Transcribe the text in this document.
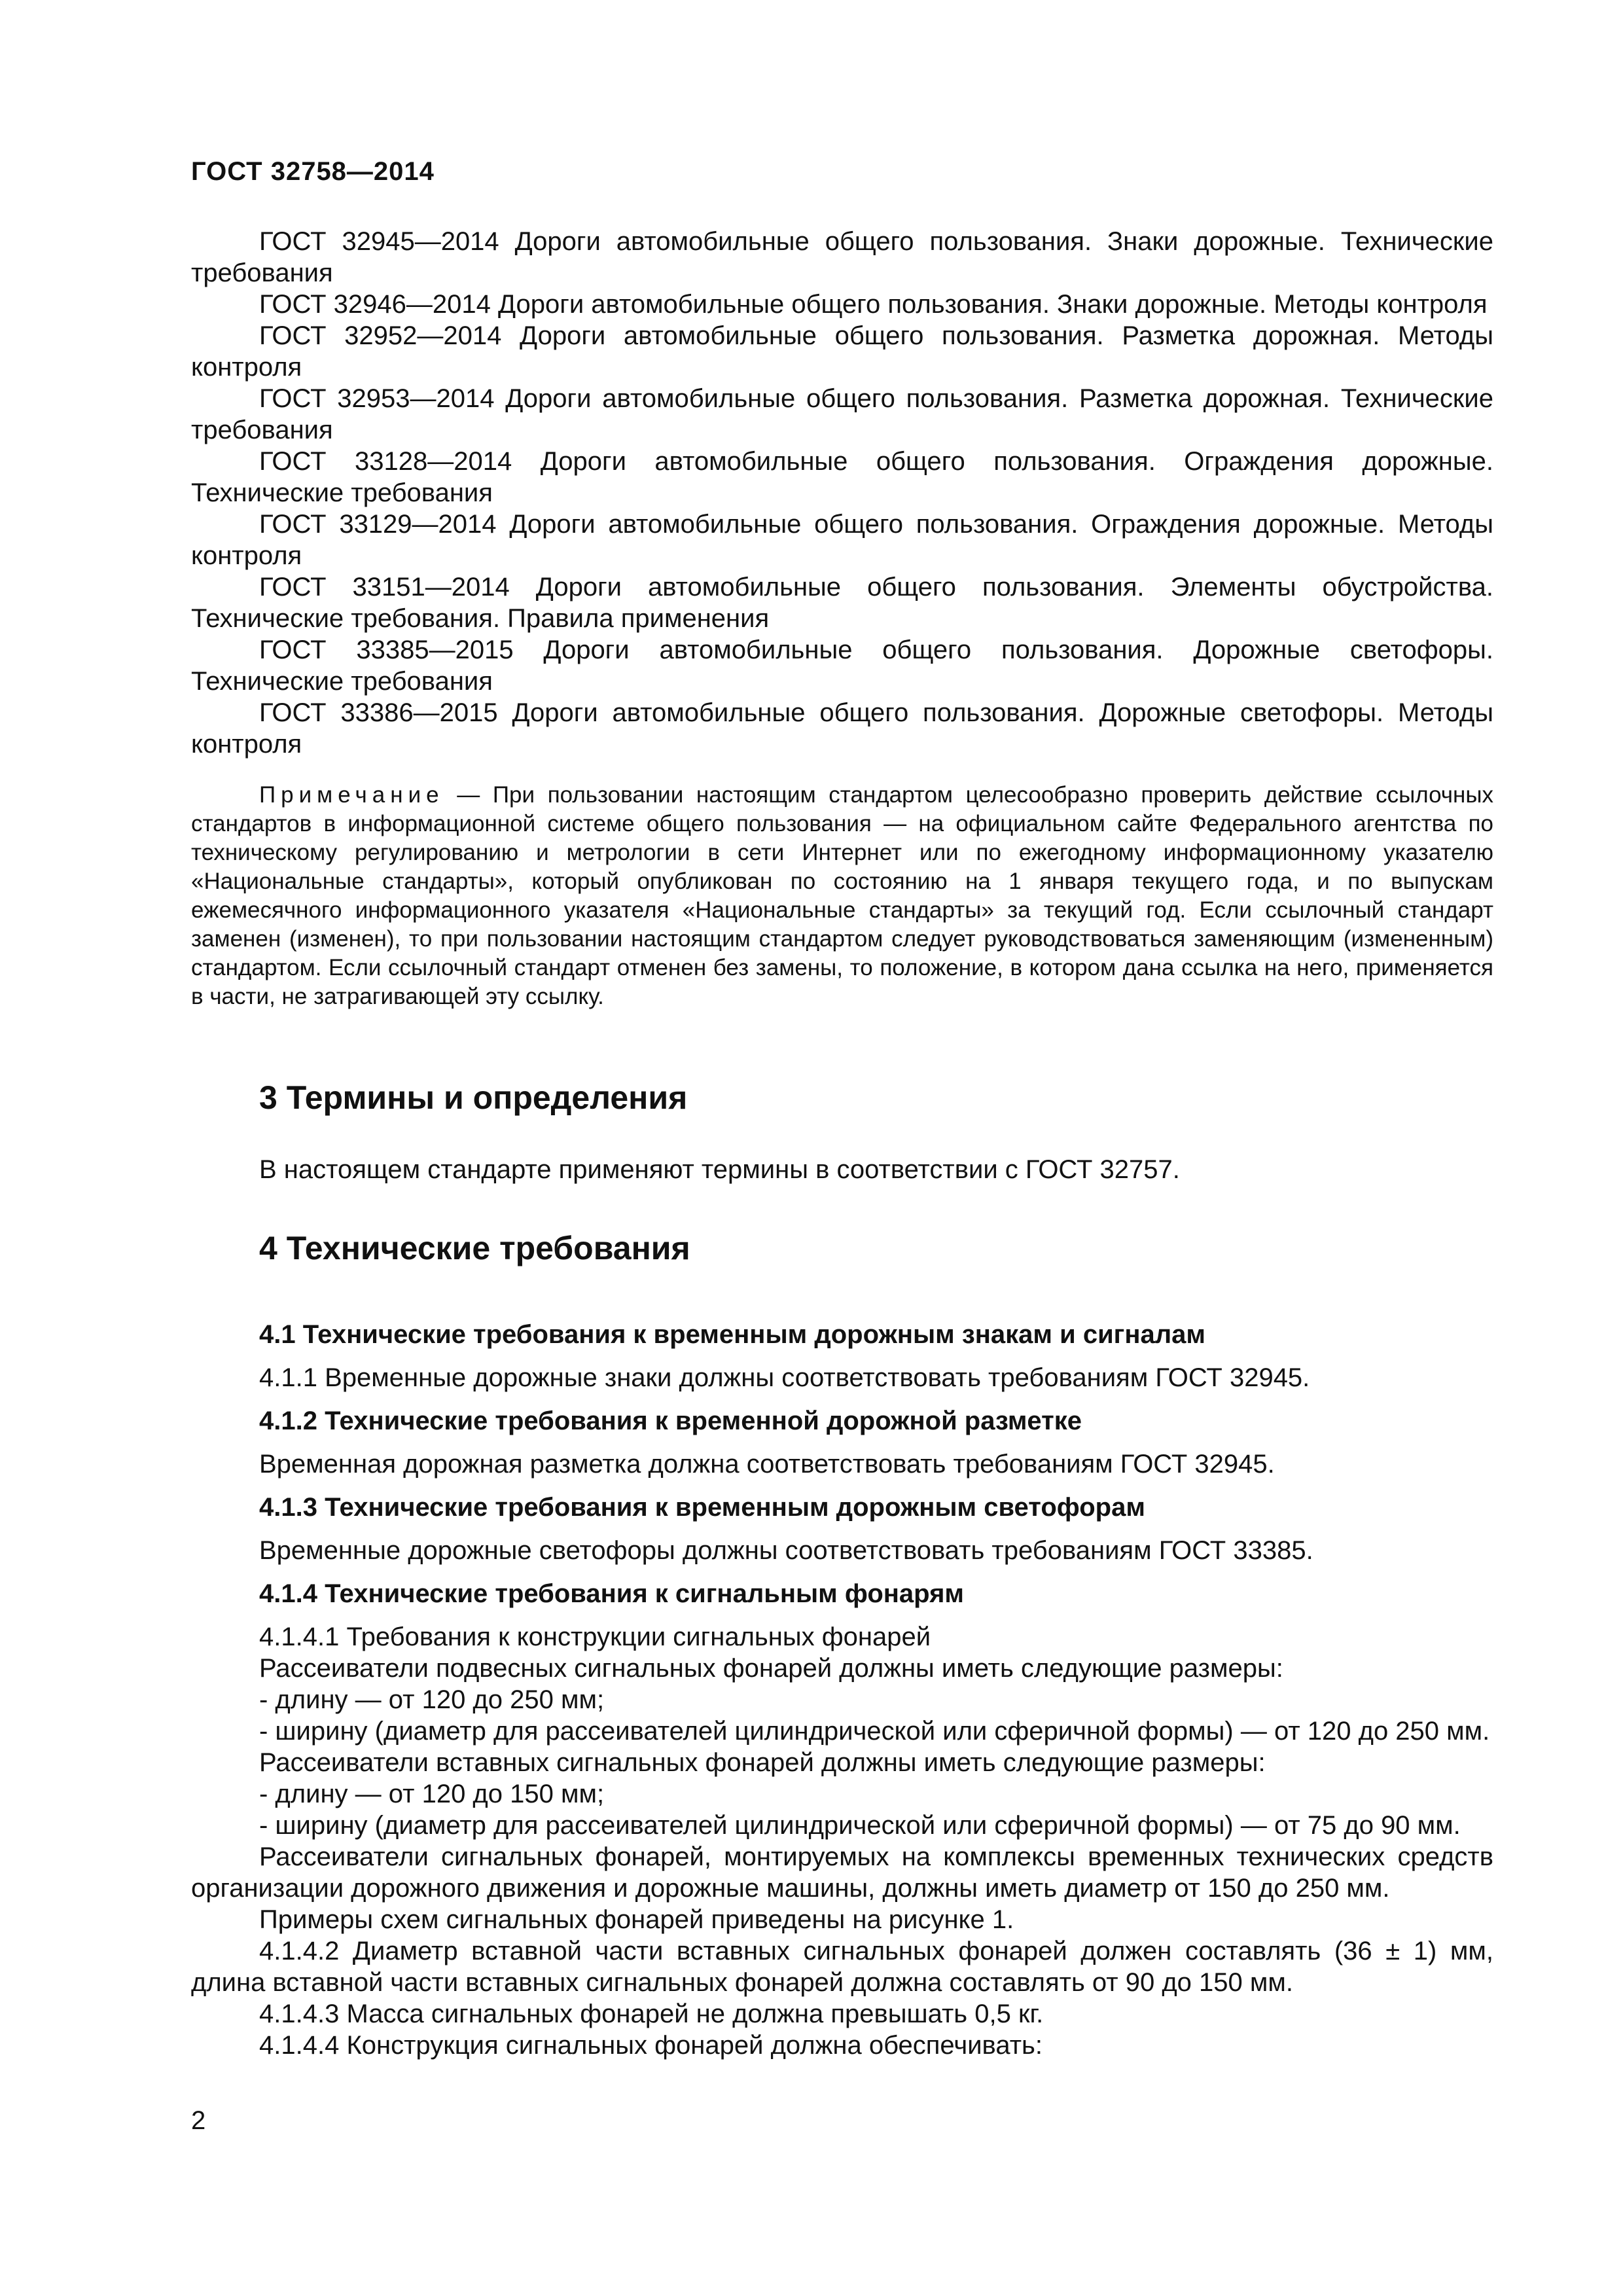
ГОСТ 32758—2014

ГОСТ 32945—2014 Дороги автомобильные общего пользования. Знаки дорожные. Технические требования

ГОСТ 32946—2014 Дороги автомобильные общего пользования. Знаки дорожные. Методы контроля

ГОСТ 32952—2014 Дороги автомобильные общего пользования. Разметка дорожная. Методы контроля

ГОСТ 32953—2014 Дороги автомобильные общего пользования. Разметка дорожная. Технические требования

ГОСТ 33128—2014 Дороги автомобильные общего пользования. Ограждения дорожные. Технические требования

ГОСТ 33129—2014 Дороги автомобильные общего пользования. Ограждения дорожные. Методы контроля

ГОСТ 33151—2014 Дороги автомобильные общего пользования. Элементы обустройства. Технические требования. Правила применения

ГОСТ 33385—2015 Дороги автомобильные общего пользования. Дорожные светофоры. Технические требования

ГОСТ 33386—2015 Дороги автомобильные общего пользования. Дорожные светофоры. Методы контроля

Примечание — При пользовании настоящим стандартом целесообразно проверить действие ссылочных стандартов в информационной системе общего пользования — на официальном сайте Федерального агентства по техническому регулированию и метрологии в сети Интернет или по ежегодному информационному указателю «Национальные стандарты», который опубликован по состоянию на 1 января текущего года, и по выпускам ежемесячного информационного указателя «Национальные стандарты» за текущий год. Если ссылочный стандарт заменен (изменен), то при пользовании настоящим стандартом следует руководствоваться заменяющим (измененным) стандартом. Если ссылочный стандарт отменен без замены, то положение, в котором дана ссылка на него, применяется в части, не затрагивающей эту ссылку.

3 Термины и определения

В настоящем стандарте применяют термины в соответствии с ГОСТ 32757.

4 Технические требования
4.1 Технические требования к временным дорожным знакам и сигналам

4.1.1 Временные дорожные знаки должны соответствовать требованиям ГОСТ 32945.

4.1.2 Технические требования к временной дорожной разметке

Временная дорожная разметка должна соответствовать требованиям ГОСТ 32945.

4.1.3 Технические требования к временным дорожным светофорам

Временные дорожные светофоры должны соответствовать требованиям ГОСТ 33385.

4.1.4 Технические требования к сигнальным фонарям

4.1.4.1 Требования к конструкции сигнальных фонарей

Рассеиватели подвесных сигнальных фонарей должны иметь следующие размеры:

- длину — от 120 до 250 мм;

- ширину (диаметр для рассеивателей цилиндрической или сферичной формы) — от 120 до 250 мм.

Рассеиватели вставных сигнальных фонарей должны иметь следующие размеры:

- длину — от 120 до 150 мм;

- ширину (диаметр для рассеивателей цилиндрической или сферичной формы) — от 75 до 90 мм.

Рассеиватели сигнальных фонарей, монтируемых на комплексы временных технических средств организации дорожного движения и дорожные машины, должны иметь диаметр от 150 до 250 мм.

Примеры схем сигнальных фонарей приведены на рисунке 1.

4.1.4.2 Диаметр вставной части вставных сигнальных фонарей должен составлять (36 ± 1) мм, длина вставной части вставных сигнальных фонарей должна составлять от 90 до 150 мм.

4.1.4.3 Масса сигнальных фонарей не должна превышать 0,5 кг.

4.1.4.4 Конструкция сигнальных фонарей должна обеспечивать:

2
